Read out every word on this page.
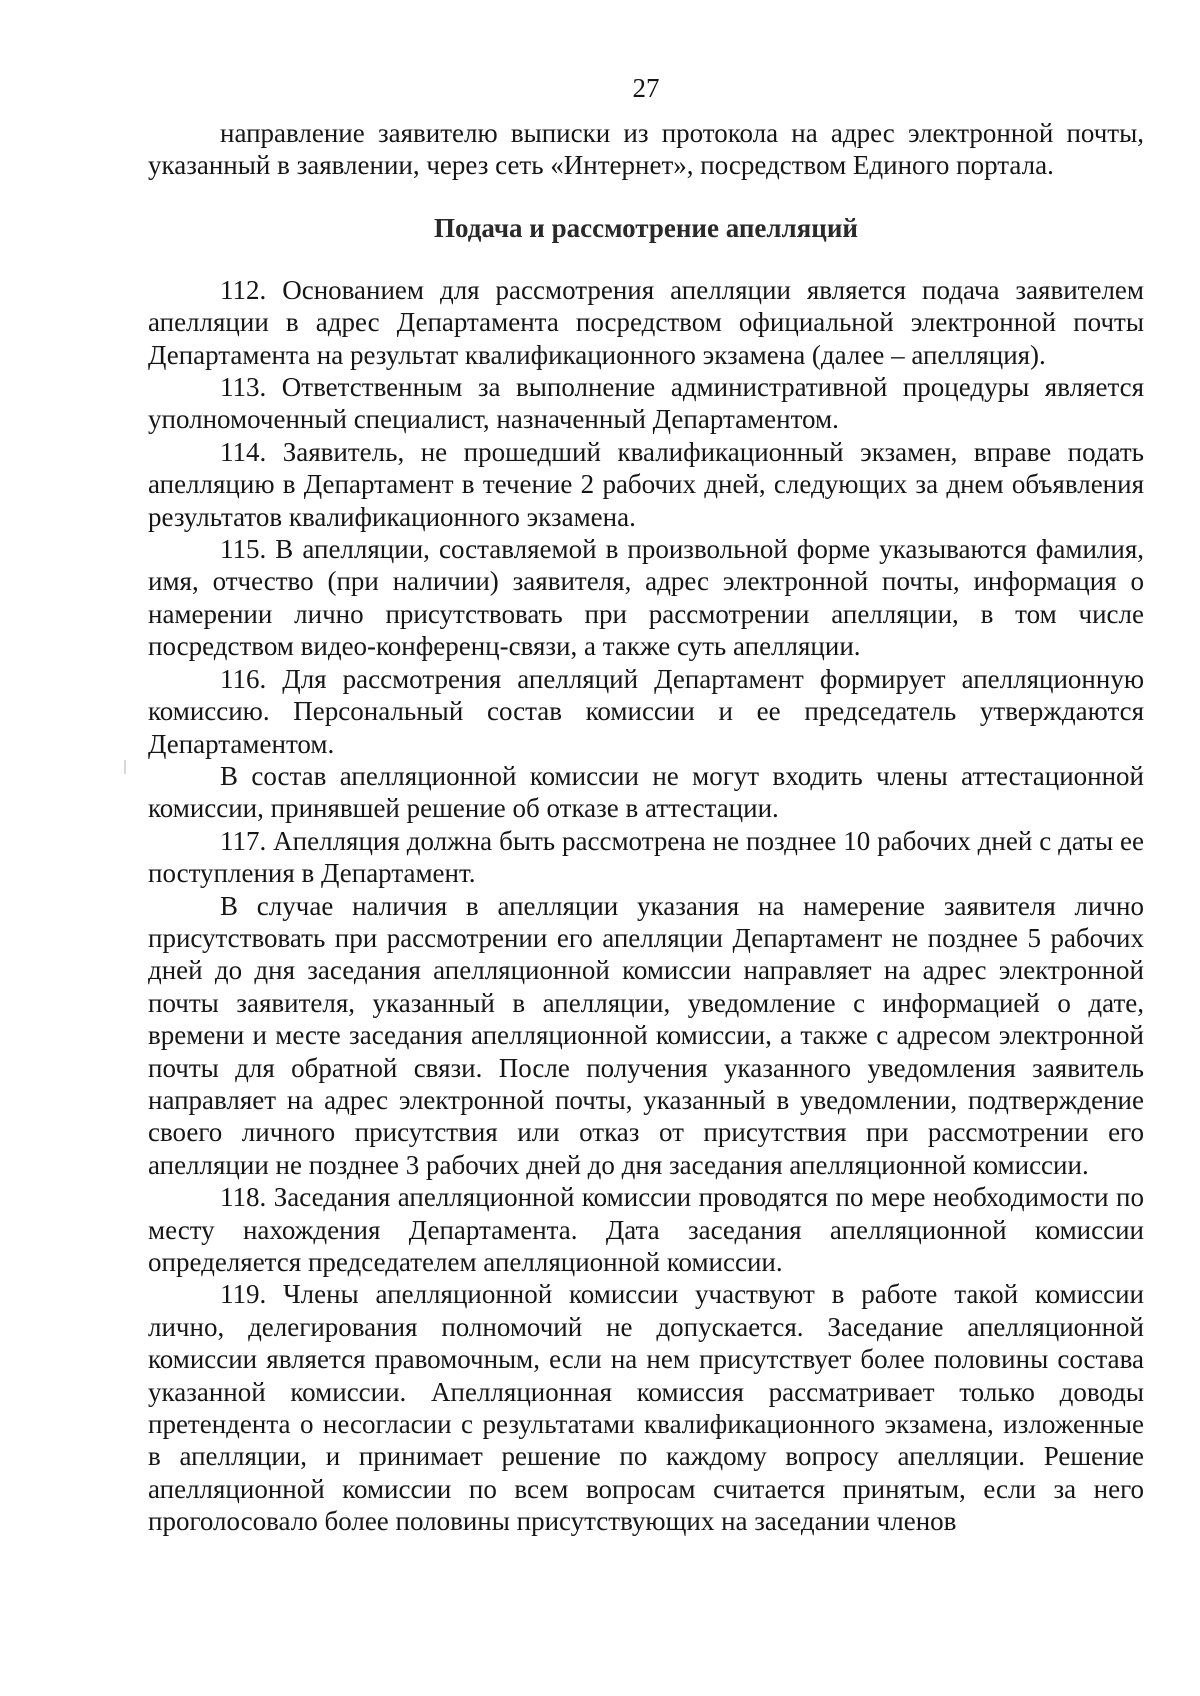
27

направление заявителю выписки из протокола на адрес электронной почты, указанный в заявлении, через сеть «Интернет», посредством Единого портала.

Подача и рассмотрение апелляций

112. Основанием для рассмотрения апелляции является подача заявителем апелляции в адрес Департамента посредством официальной электронной почты Департамента на результат квалификационного экзамена (далее – апелляция).

113. Ответственным за выполнение административной процедуры является уполномоченный специалист, назначенный Департаментом.

114. Заявитель, не прошедший квалификационный экзамен, вправе подать апелляцию в Департамент в течение 2 рабочих дней, следующих за днем объявления результатов квалификационного экзамена.

115. В апелляции, составляемой в произвольной форме указываются фамилия, имя, отчество (при наличии) заявителя, адрес электронной почты, информация о намерении лично присутствовать при рассмотрении апелляции, в том числе посредством видео-конференц-связи, а также суть апелляции.

116. Для рассмотрения апелляций Департамент формирует апелляционную комиссию. Персональный состав комиссии и ее председатель утверждаются Департаментом.

В состав апелляционной комиссии не могут входить члены аттестационной комиссии, принявшей решение об отказе в аттестации.

117. Апелляция должна быть рассмотрена не позднее 10 рабочих дней с даты ее поступления в Департамент.

В случае наличия в апелляции указания на намерение заявителя лично присутствовать при рассмотрении его апелляции Департамент не позднее 5 рабочих дней до дня заседания апелляционной комиссии направляет на адрес электронной почты заявителя, указанный в апелляции, уведомление с информацией о дате, времени и месте заседания апелляционной комиссии, а также с адресом электронной почты для обратной связи. После получения указанного уведомления заявитель направляет на адрес электронной почты, указанный в уведомлении, подтверждение своего личного присутствия или отказ от присутствия при рассмотрении его апелляции не позднее 3 рабочих дней до дня заседания апелляционной комиссии.

118. Заседания апелляционной комиссии проводятся по мере необходимости по месту нахождения Департамента. Дата заседания апелляционной комиссии определяется председателем апелляционной комиссии.

119. Члены апелляционной комиссии участвуют в работе такой комиссии лично, делегирования полномочий не допускается. Заседание апелляционной комиссии является правомочным, если на нем присутствует более половины состава указанной комиссии. Апелляционная комиссия рассматривает только доводы претендента о несогласии с результатами квалификационного экзамена, изложенные в апелляции, и принимает решение по каждому вопросу апелляции. Решение апелляционной комиссии по всем вопросам считается принятым, если за него проголосовало более половины присутствующих на заседании членов
